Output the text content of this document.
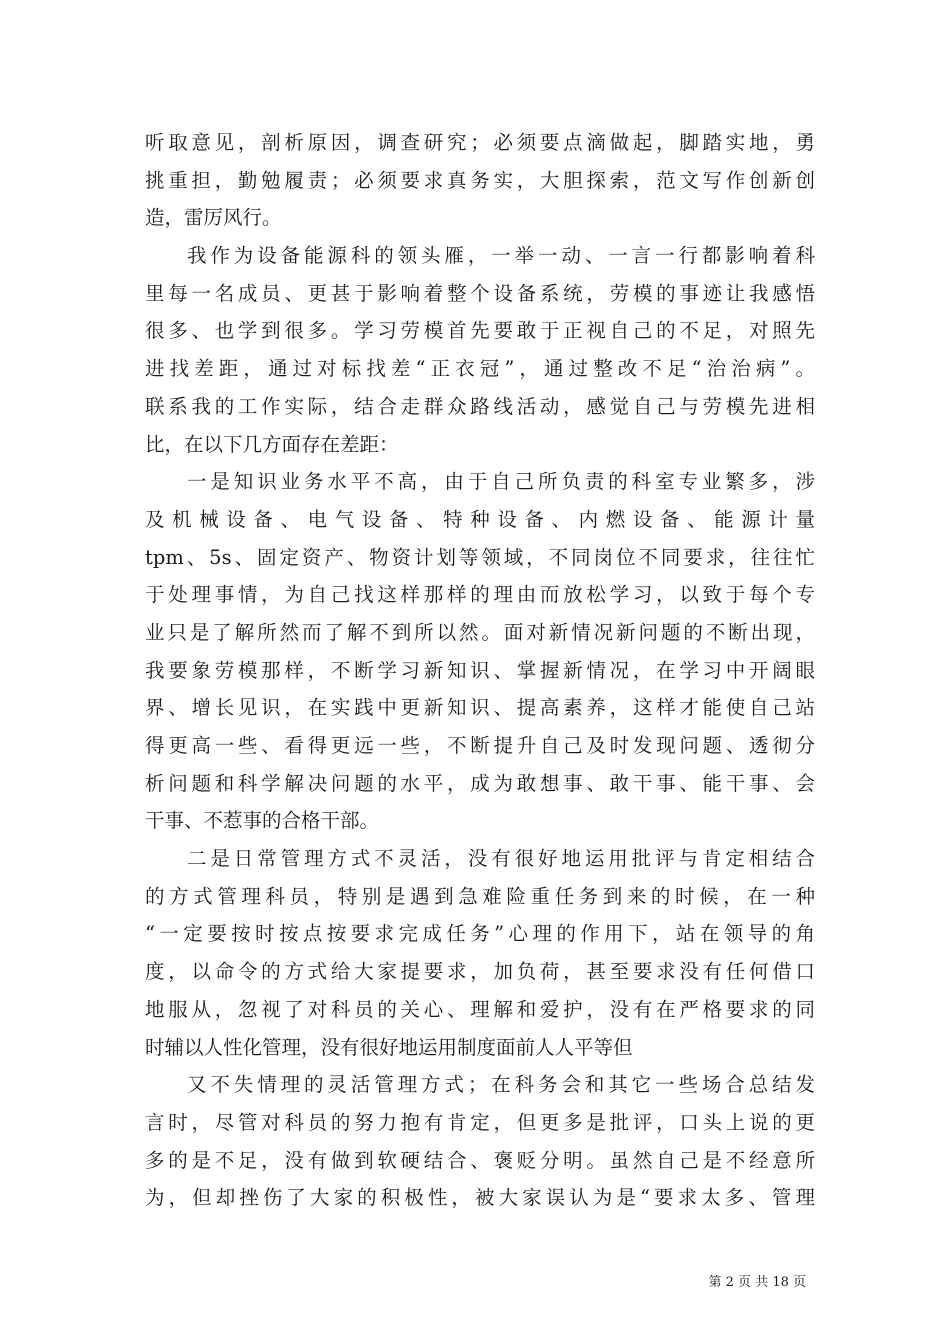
听取意见，剖析原因，调查研究；必须要点滴做起，脚踏实地，勇
挑重担，勤勉履责；必须要求真务实，大胆探索，范文写作创新创
造，雷厉风行。
我作为设备能源科的领头雁，一举一动、一言一行都影响着科
里每一名成员、更甚于影响着整个设备系统，劳模的事迹让我感悟
很多、也学到很多。学习劳模首先要敢于正视自己的不足，对照先
进找差距，通过对标找差“正衣冠”，通过整改不足“治治病”。
联系我的工作实际，结合走群众路线活动，感觉自己与劳模先进相
比，在以下几方面存在差距：
一是知识业务水平不高，由于自己所负责的科室专业繁多，涉
及机械设备、电气设备、特种设备、内燃设备、能源计量
tpm、5s、固定资产、物资计划等领域，不同岗位不同要求，往往忙
于处理事情，为自己找这样那样的理由而放松学习，以致于每个专
业只是了解所然而了解不到所以然。面对新情况新问题的不断出现，
我要象劳模那样，不断学习新知识、掌握新情况，在学习中开阔眼
界、增长见识，在实践中更新知识、提高素养，这样才能使自己站
得更高一些、看得更远一些，不断提升自己及时发现问题、透彻分
析问题和科学解决问题的水平，成为敢想事、敢干事、能干事、会
干事、不惹事的合格干部。
二是日常管理方式不灵活，没有很好地运用批评与肯定相结合
的方式管理科员，特别是遇到急难险重任务到来的时候，在一种
“一定要按时按点按要求完成任务”心理的作用下，站在领导的角
度，以命令的方式给大家提要求，加负荷，甚至要求没有任何借口
地服从，忽视了对科员的关心、理解和爱护，没有在严格要求的同
时辅以人性化管理，没有很好地运用制度面前人人平等但
又不失情理的灵活管理方式；在科务会和其它一些场合总结发
言时，尽管对科员的努力抱有肯定，但更多是批评，口头上说的更
多的是不足，没有做到软硬结合、褒贬分明。虽然自己是不经意所
为，但却挫伤了大家的积极性，被大家误认为是“要求太多、管理
第 2 页 共 18 页
